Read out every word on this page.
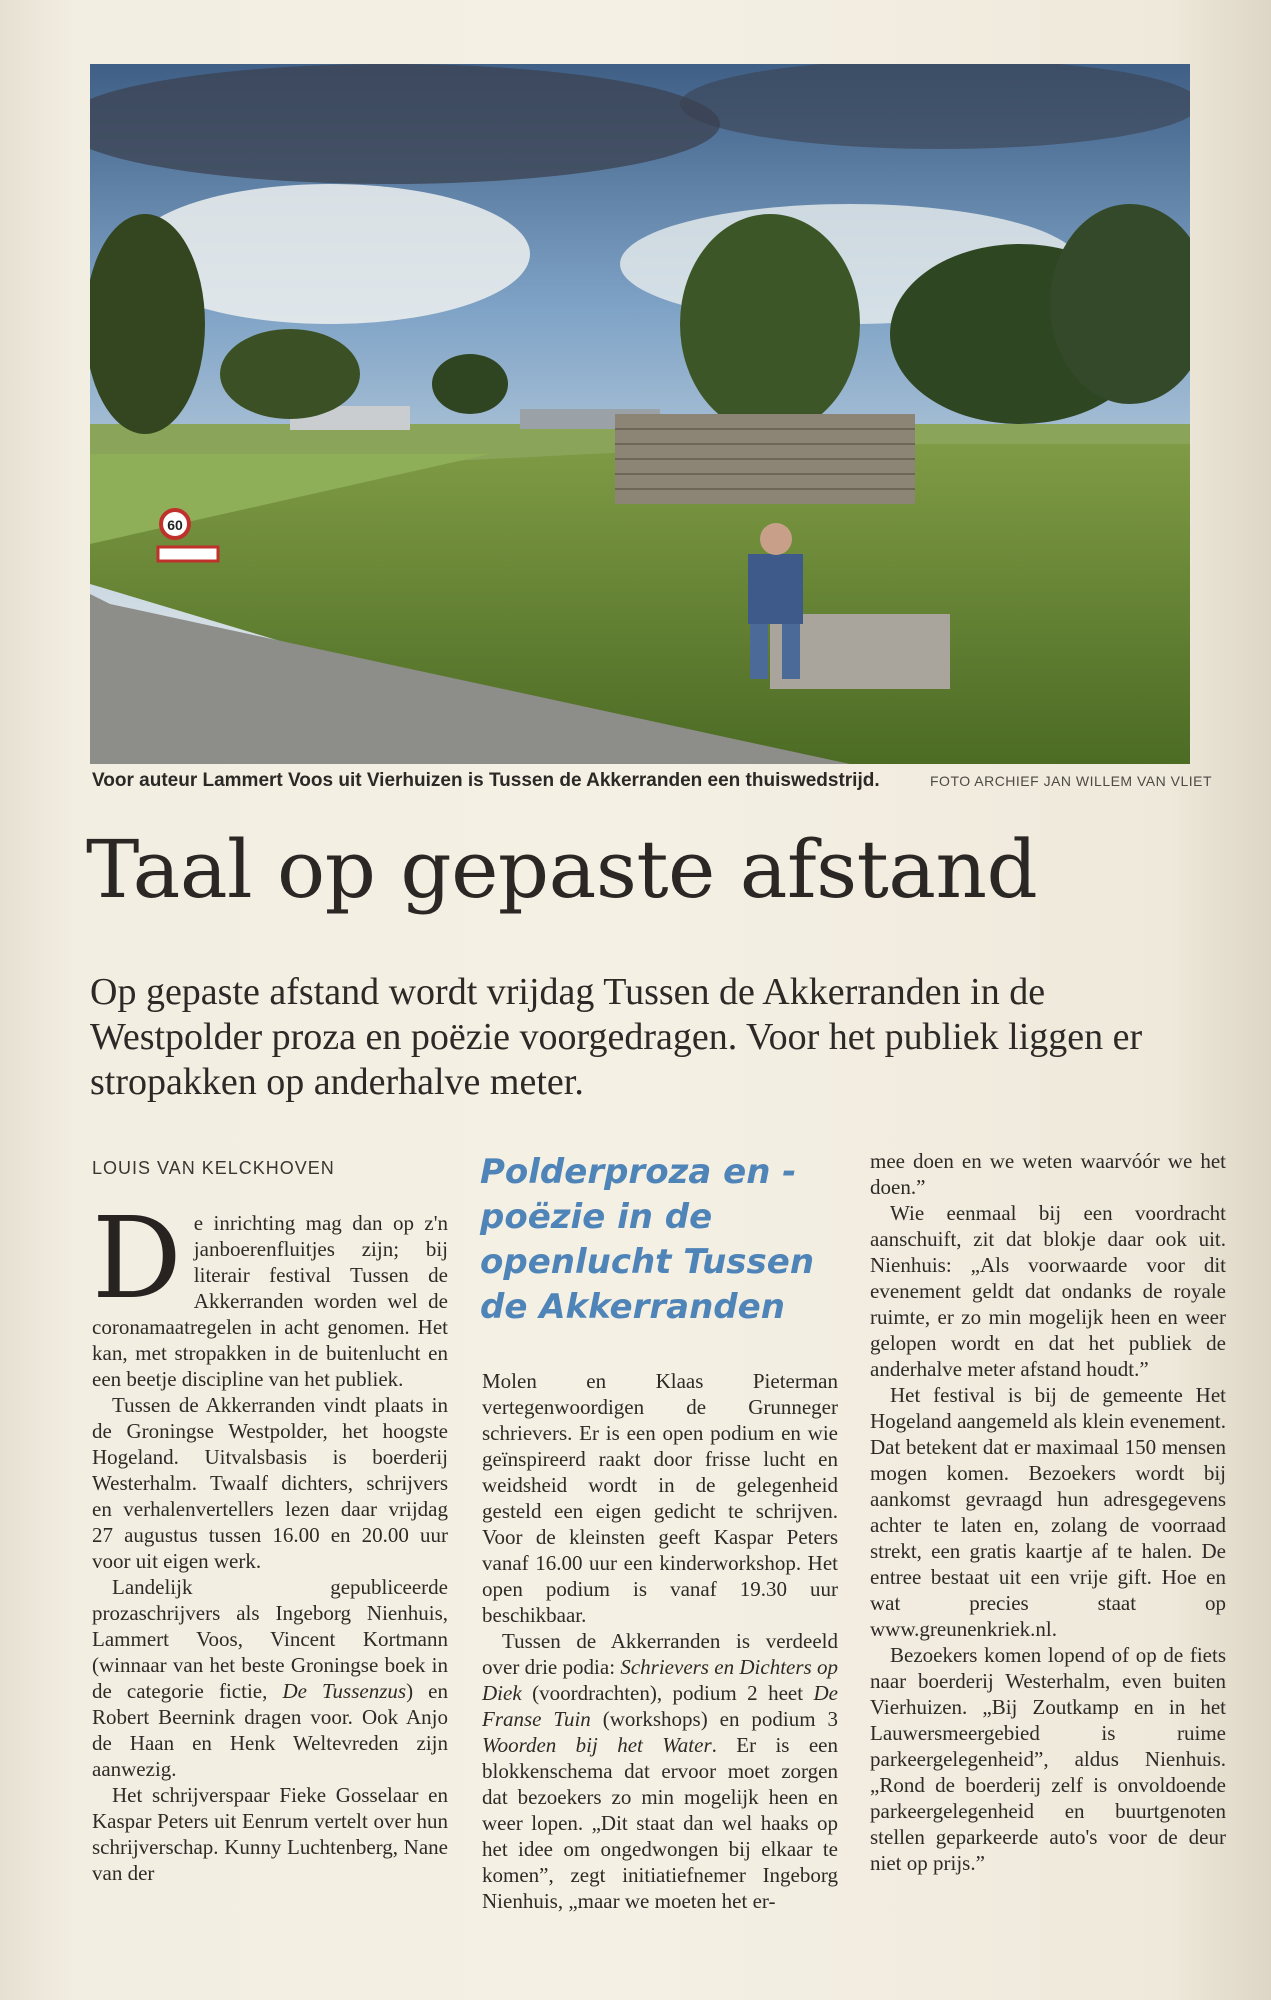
60
Voor auteur Lammert Voos uit Vierhuizen is Tussen de Akkerranden een thuiswedstrijd.	FOTO ARCHIEF JAN WILLEM VAN VLIET
Taal op gepaste afstand
Op gepaste afstand wordt vrijdag Tussen de Akkerranden in de Westpolder proza en poëzie voorgedragen. Voor het publiek liggen er stropakken op anderhalve meter.
LOUIS VAN KELCKHOVEN

De inrichting mag dan op z'n janboerenfluitjes zijn; bij literair festival Tussen de Akkerranden worden wel de coronamaatregelen in acht genomen. Het kan, met stropakken in de buitenlucht en een beetje discipline van het publiek.

Tussen de Akkerranden vindt plaats in de Groningse Westpolder, het hoogste Hogeland. Uitvalsbasis is boerderij Westerhalm. Twaalf dichters, schrijvers en verhalenvertellers lezen daar vrijdag 27 augustus tussen 16.00 en 20.00 uur voor uit eigen werk.

Landelijk gepubliceerde prozaschrijvers als Ingeborg Nienhuis, Lammert Voos, Vincent Kortmann (winnaar van het beste Groningse boek in de categorie fictie, De Tussenzus) en Robert Beernink dragen voor. Ook Anjo de Haan en Henk Weltevreden zijn aanwezig.

Het schrijverspaar Fieke Gosselaar en Kaspar Peters uit Eenrum vertelt over hun schrijverschap. Kunny Luchtenberg, Nane van der

Polderproza en -poëzie in de openlucht Tussen de Akkerranden

Molen en Klaas Pieterman vertegenwoordigen de Grunneger schrievers. Er is een open podium en wie geïnspireerd raakt door frisse lucht en weidsheid wordt in de gelegenheid gesteld een eigen gedicht te schrijven. Voor de kleinsten geeft Kaspar Peters vanaf 16.00 uur een kinderworkshop. Het open podium is vanaf 19.30 uur beschikbaar.

Tussen de Akkerranden is verdeeld over drie podia: Schrievers en Dichters op Diek (voordrachten), podium 2 heet De Franse Tuin (workshops) en podium 3 Woorden bij het Water. Er is een blokkenschema dat ervoor moet zorgen dat bezoekers zo min mogelijk heen en weer lopen. „Dit staat dan wel haaks op het idee om ongedwongen bij elkaar te komen”, zegt initiatiefnemer Ingeborg Nienhuis, „maar we moeten het er-

mee doen en we weten waarvóór we het doen.”

Wie eenmaal bij een voordracht aanschuift, zit dat blokje daar ook uit. Nienhuis: „Als voorwaarde voor dit evenement geldt dat ondanks de royale ruimte, er zo min mogelijk heen en weer gelopen wordt en dat het publiek de anderhalve meter afstand houdt.”

Het festival is bij de gemeente Het Hogeland aangemeld als klein evenement. Dat betekent dat er maximaal 150 mensen mogen komen. Bezoekers wordt bij aankomst gevraagd hun adresgegevens achter te laten en, zolang de voorraad strekt, een gratis kaartje af te halen. De entree bestaat uit een vrije gift. Hoe en wat precies staat op www.greunenkriek.nl.

Bezoekers komen lopend of op de fiets naar boerderij Westerhalm, even buiten Vierhuizen. „Bij Zoutkamp en in het Lauwersmeergebied is ruime parkeergelegenheid”, aldus Nienhuis. „Rond de boerderij zelf is onvoldoende parkeergelegenheid en buurtgenoten stellen geparkeerde auto's voor de deur niet op prijs.”
